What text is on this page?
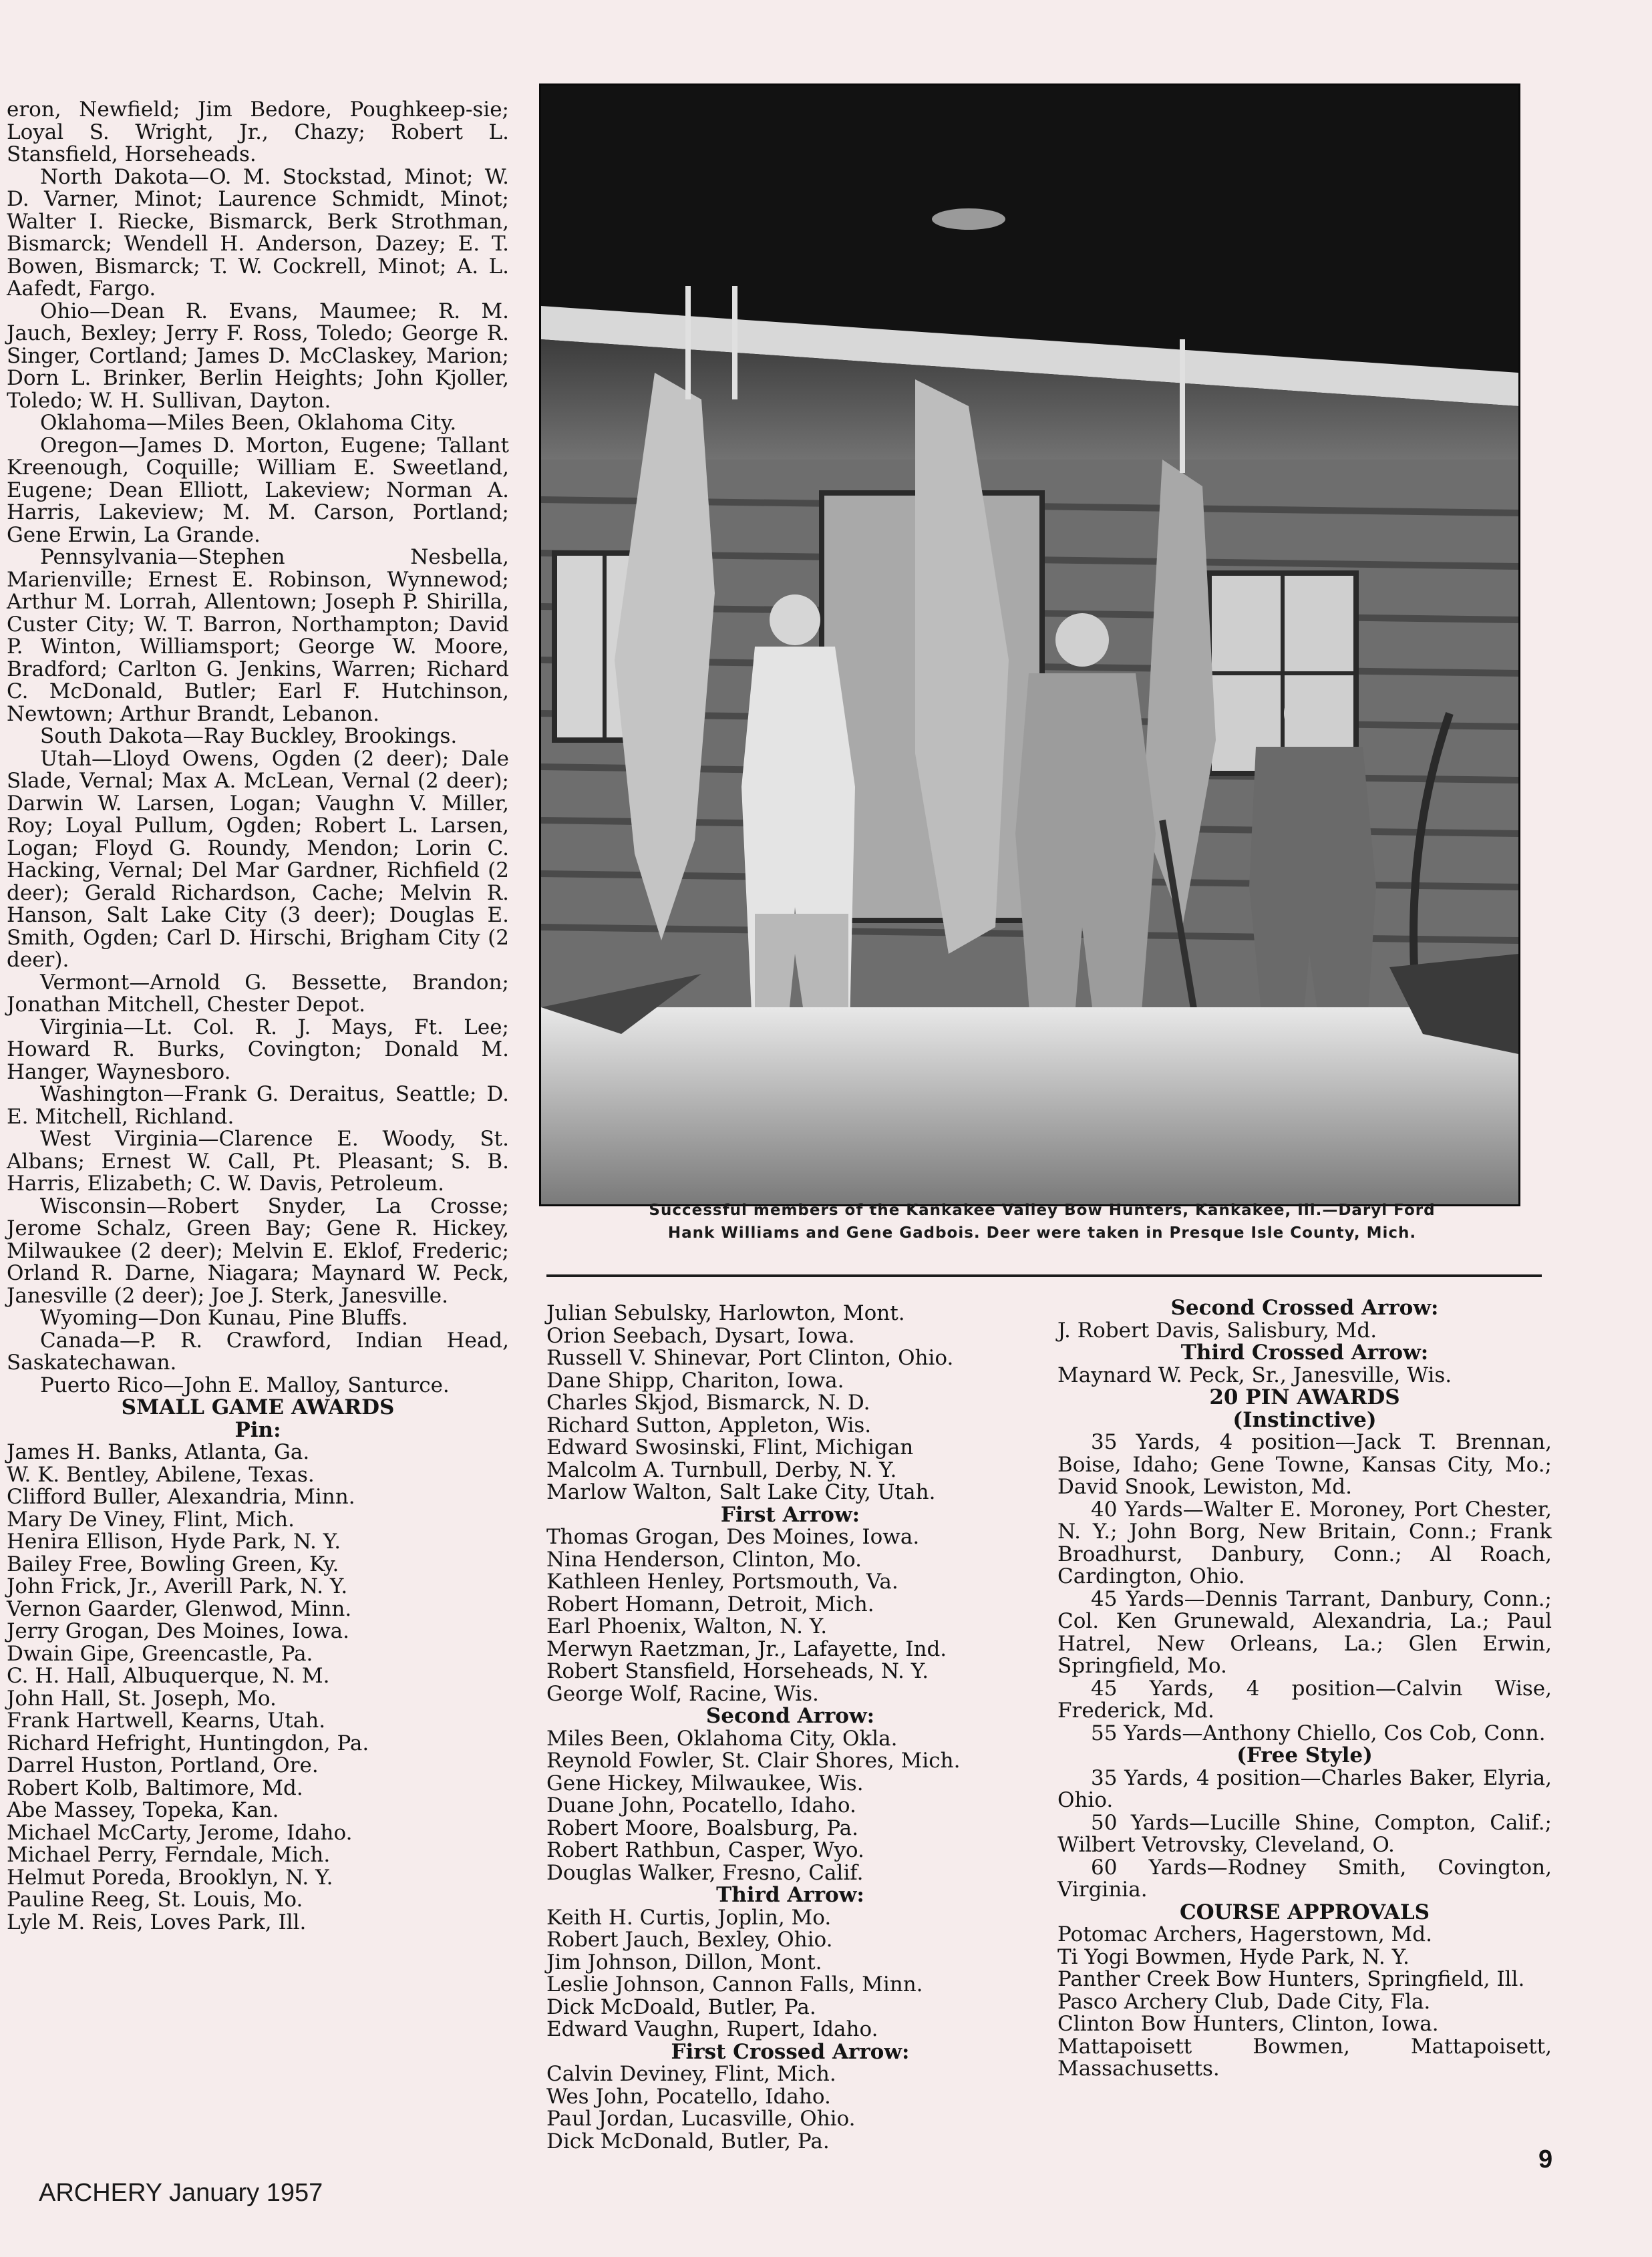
eron, Newfield; Jim Bedore, Poughkeep-sie; Loyal S. Wright, Jr., Chazy; Robert L. Stansfield, Horseheads.

North Dakota—O. M. Stockstad, Minot; W. D. Varner, Minot; Laurence Schmidt, Minot; Walter I. Riecke, Bismarck, Berk Strothman, Bismarck; Wendell H. Anderson, Dazey; E. T. Bowen, Bismarck; T. W. Cockrell, Minot; A. L. Aafedt, Fargo.

Ohio—Dean R. Evans, Maumee; R. M. Jauch, Bexley; Jerry F. Ross, Toledo; George R. Singer, Cortland; James D. McClaskey, Marion; Dorn L. Brinker, Berlin Heights; John Kjoller, Toledo; W. H. Sullivan, Dayton.

Oklahoma—Miles Been, Oklahoma City.

Oregon—James D. Morton, Eugene; Tallant Kreenough, Coquille; William E. Sweetland, Eugene; Dean Elliott, Lakeview; Norman A. Harris, Lakeview; M. M. Carson, Portland; Gene Erwin, La Grande.

Pennsylvania—Stephen Nesbella, Marienville; Ernest E. Robinson, Wynnewod; Arthur M. Lorrah, Allentown; Joseph P. Shirilla, Custer City; W. T. Barron, Northampton; David P. Winton, Williamsport; George W. Moore, Bradford; Carlton G. Jenkins, Warren; Richard C. McDonald, Butler; Earl F. Hutchinson, Newtown; Arthur Brandt, Lebanon.

South Dakota—Ray Buckley, Brookings.

Utah—Lloyd Owens, Ogden (2 deer); Dale Slade, Vernal; Max A. McLean, Vernal (2 deer); Darwin W. Larsen, Logan; Vaughn V. Miller, Roy; Loyal Pullum, Ogden; Robert L. Larsen, Logan; Floyd G. Roundy, Mendon; Lorin C. Hacking, Vernal; Del Mar Gardner, Richfield (2 deer); Gerald Richardson, Cache; Melvin R. Hanson, Salt Lake City (3 deer); Douglas E. Smith, Ogden; Carl D. Hirschi, Brigham City (2 deer).

Vermont—Arnold G. Bessette, Brandon; Jonathan Mitchell, Chester Depot.

Virginia—Lt. Col. R. J. Mays, Ft. Lee; Howard R. Burks, Covington; Donald M. Hanger, Waynesboro.

Washington—Frank G. Deraitus, Seattle; D. E. Mitchell, Richland.

West Virginia—Clarence E. Woody, St. Albans; Ernest W. Call, Pt. Pleasant; S. B. Harris, Elizabeth; C. W. Davis, Petroleum.

Wisconsin—Robert Snyder, La Crosse; Jerome Schalz, Green Bay; Gene R. Hickey, Milwaukee (2 deer); Melvin E. Eklof, Frederic; Orland R. Darne, Niagara; Maynard W. Peck, Janesville (2 deer); Joe J. Sterk, Janesville.

Wyoming—Don Kunau, Pine Bluffs.

Canada—P. R. Crawford, Indian Head, Saskatechawan.

Puerto Rico—John E. Malloy, Santurce.

SMALL GAME AWARDS

Pin:

James H. Banks, Atlanta, Ga.

W. K. Bentley, Abilene, Texas.

Clifford Buller, Alexandria, Minn.

Mary De Viney, Flint, Mich.

Henira Ellison, Hyde Park, N. Y.

Bailey Free, Bowling Green, Ky.

John Frick, Jr., Averill Park, N. Y.

Vernon Gaarder, Glenwod, Minn.

Jerry Grogan, Des Moines, Iowa.

Dwain Gipe, Greencastle, Pa.

C. H. Hall, Albuquerque, N. M.

John Hall, St. Joseph, Mo.

Frank Hartwell, Kearns, Utah.

Richard Hefright, Huntingdon, Pa.

Darrel Huston, Portland, Ore.

Robert Kolb, Baltimore, Md.

Abe Massey, Topeka, Kan.

Michael McCarty, Jerome, Idaho.

Michael Perry, Ferndale, Mich.

Helmut Poreda, Brooklyn, N. Y.

Pauline Reeg, St. Louis, Mo.

Lyle M. Reis, Loves Park, Ill.

Successful members of the Kankakee Valley Bow Hunters, Kankakee, Ill.—Daryl Ford
Hank Williams and Gene Gadbois. Deer were taken in Presque Isle County, Mich.

Julian Sebulsky, Harlowton, Mont.

Orion Seebach, Dysart, Iowa.

Russell V. Shinevar, Port Clinton, Ohio.

Dane Shipp, Chariton, Iowa.

Charles Skjod, Bismarck, N. D.

Richard Sutton, Appleton, Wis.

Edward Swosinski, Flint, Michigan

Malcolm A. Turnbull, Derby, N. Y.

Marlow Walton, Salt Lake City, Utah.

First Arrow:

Thomas Grogan, Des Moines, Iowa.

Nina Henderson, Clinton, Mo.

Kathleen Henley, Portsmouth, Va.

Robert Homann, Detroit, Mich.

Earl Phoenix, Walton, N. Y.

Merwyn Raetzman, Jr., Lafayette, Ind.

Robert Stansfield, Horseheads, N. Y.

George Wolf, Racine, Wis.

Second Arrow:

Miles Been, Oklahoma City, Okla.

Reynold Fowler, St. Clair Shores, Mich.

Gene Hickey, Milwaukee, Wis.

Duane John, Pocatello, Idaho.

Robert Moore, Boalsburg, Pa.

Robert Rathbun, Casper, Wyo.

Douglas Walker, Fresno, Calif.

Third Arrow:

Keith H. Curtis, Joplin, Mo.

Robert Jauch, Bexley, Ohio.

Jim Johnson, Dillon, Mont.

Leslie Johnson, Cannon Falls, Minn.

Dick McDoald, Butler, Pa.

Edward Vaughn, Rupert, Idaho.

First Crossed Arrow:

Calvin Deviney, Flint, Mich.

Wes John, Pocatello, Idaho.

Paul Jordan, Lucasville, Ohio.

Dick McDonald, Butler, Pa.

Second Crossed Arrow:

J. Robert Davis, Salisbury, Md.

Third Crossed Arrow:

Maynard W. Peck, Sr., Janesville, Wis.

20 PIN AWARDS

(Instinctive)

35 Yards, 4 position—Jack T. Brennan, Boise, Idaho; Gene Towne, Kansas City, Mo.; David Snook, Lewiston, Md.

40 Yards—Walter E. Moroney, Port Chester, N. Y.; John Borg, New Britain, Conn.; Frank Broadhurst, Danbury, Conn.; Al Roach, Cardington, Ohio.

45 Yards—Dennis Tarrant, Danbury, Conn.; Col. Ken Grunewald, Alexandria, La.; Paul Hatrel, New Orleans, La.; Glen Erwin, Springfield, Mo.

45 Yards, 4 position—Calvin Wise, Frederick, Md.

55 Yards—Anthony Chiello, Cos Cob, Conn.

(Free Style)

35 Yards, 4 position—Charles Baker, Elyria, Ohio.

50 Yards—Lucille Shine, Compton, Calif.; Wilbert Vetrovsky, Cleveland, O.

60 Yards—Rodney Smith, Covington, Virginia.

COURSE APPROVALS

Potomac Archers, Hagerstown, Md.

Ti Yogi Bowmen, Hyde Park, N. Y.

Panther Creek Bow Hunters, Springfield, Ill.

Pasco Archery Club, Dade City, Fla.

Clinton Bow Hunters, Clinton, Iowa.

Mattapoisett Bowmen, Mattapoisett, Massachusetts.

ARCHERY January 1957
9
